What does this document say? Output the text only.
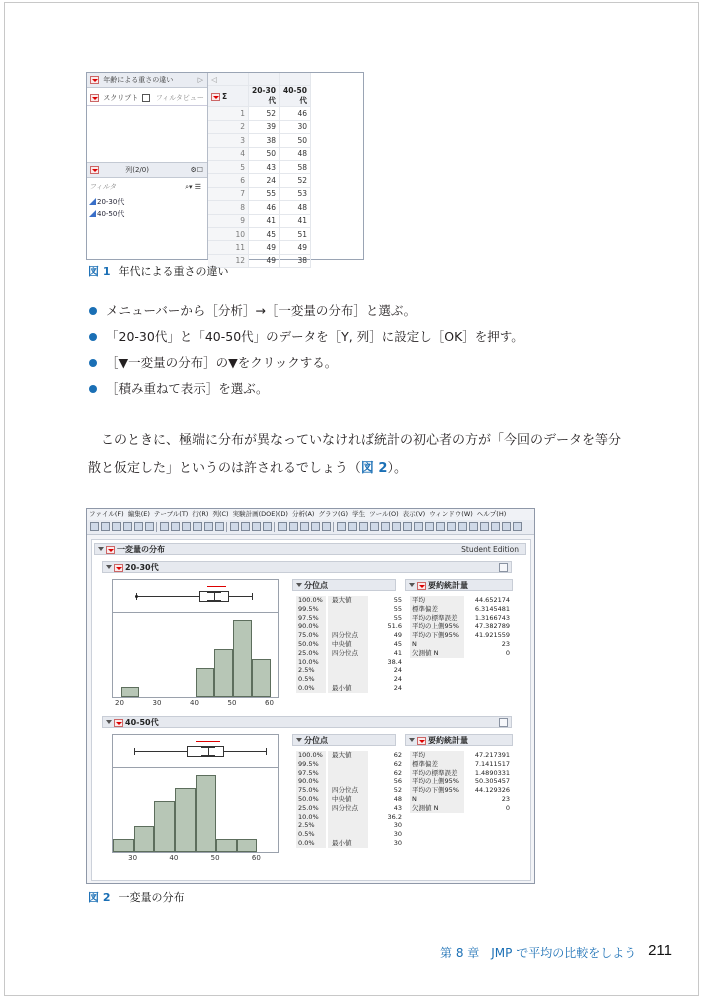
年齢による重さの違い	▷
スクリプト フィルタビュー
列(2/0)	⚙☐
フィルタ	⌕▾ ☰
20-30代
40-50代
◁		
Σ	20-30代	40-50代
1	52	46
2	39	30
3	38	50
4	50	48
5	43	58
6	24	52
7	55	53
8	46	48
9	41	41
10	45	51
11	49	49
12	49	38
図 1 年代による重さの違い
メニューバーから［分析］→［一変量の分布］と選ぶ。
「20-30代」と「40-50代」のデータを［Y, 列］に設定し［OK］を押す。
［▼一変量の分布］の▼をクリックする。
［積み重ねて表示］を選ぶ。
　このときに、極端に分布が異なっていなければ統計の初心者の方が「今回のデータを等分散と仮定した」というのは許されるでしょう（図 2）。
ファイル(F) 編集(E) テーブル(T) 行(R) 列(C) 実験計画(DOE)(D) 分析(A) グラフ(G) 学生 ツール(O) 表示(V) ウィンドウ(W) ヘルプ(H)
一変量の分布	Student Edition
20-30代
20	30	40	50	60
分位点
100.0% 最大値	55
99.5%	55
97.5%	55
90.0%	51.6
75.0% 四分位点	49
50.0% 中央値	45
25.0% 四分位点	41
10.0%	38.4
2.5%	24
0.5%	24
0.0%	最小値	24
要約統計量
平均	44.652174
標準偏差	6.3145481
平均の標準誤差	1.3166743
平均の上側95% 47.382789
平均の下側95% 41.921559
N	23
欠測値 N	0
40-50代
30	40	50	60
分位点
100.0% 最大値	62
99.5%	62
97.5%	62
90.0%	56
75.0% 四分位点	52
50.0% 中央値	48
25.0% 四分位点	43
10.0%	36.2
2.5%	30
0.5%	30
0.0%	最小値	30
要約統計量
平均	47.217391
標準偏差	7.1411517
平均の標準誤差	1.4890331
平均の上側95% 50.305457
平均の下側95% 44.129326
N	23
欠測値 N	0
図 2 一変量の分布
第 8 章　JMP で平均の比較をしよう 211
